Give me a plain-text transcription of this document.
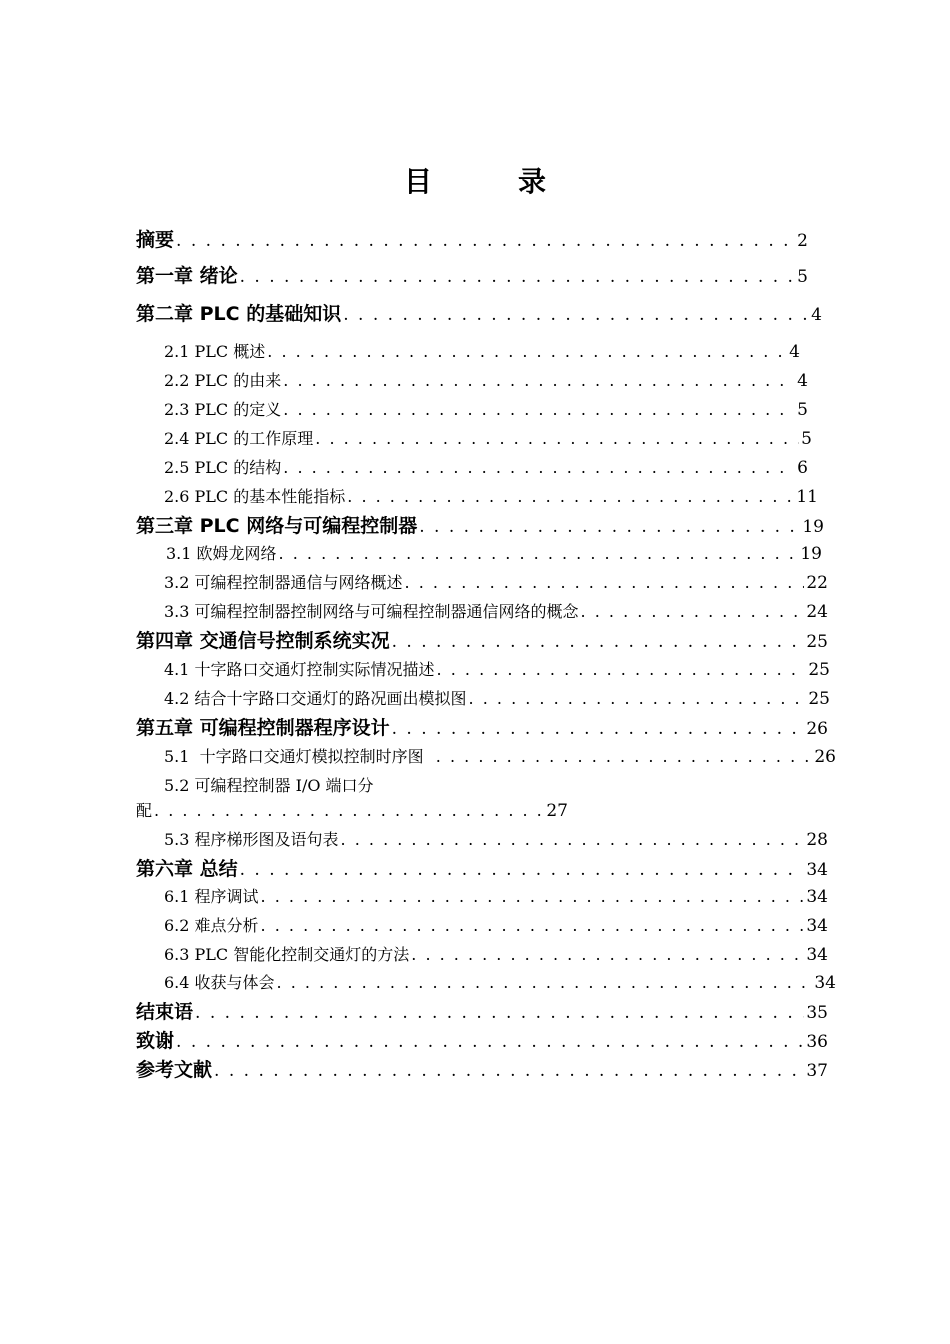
目	录
摘要 . . .	2
第一章 绪论 . . .	5
第二章 PLC 的基础知识 . . .	4
2.1 PLC 概述 . . .	4
2.2 PLC 的由来 . . .	4
2.3 PLC 的定义 . . .	5
2.4 PLC 的工作原理 . . .	5
2.5 PLC 的结构 . . .	6
2.6 PLC 的基本性能指标 . . .	11
第三章 PLC 网络与可编程控制器 . . .	19
3.1 欧姆龙网络 . . .	19
3.2 可编程控制器通信与网络概述 . . .	22
3.3 可编程控制器控制网络与可编程控制器通信网络的概念 . . .	24
第四章 交通信号控制系统实况 . . .	25
4.1 十字路口交通灯控制实际情况描述 . . .	25
4.2 结合十字路口交通灯的路况画出模拟图 . . .	25
第五章 可编程控制器程序设计 . . .	26
5.1  十字路口交通灯模拟控制时序图 . . .	26
5.2 可编程控制器 I/O 端口分
配 . . .	27
5.3 程序梯形图及语句表 . . .	28
第六章 总结 . . .	34
6.1 程序调试 . . .	34
6.2 难点分析 . . .	34
6.3 PLC 智能化控制交通灯的方法 . . .	34
6.4 收获与体会 . . .	34
结束语 . . .	35
致谢 . . .	36
参考文献 . . .	37
